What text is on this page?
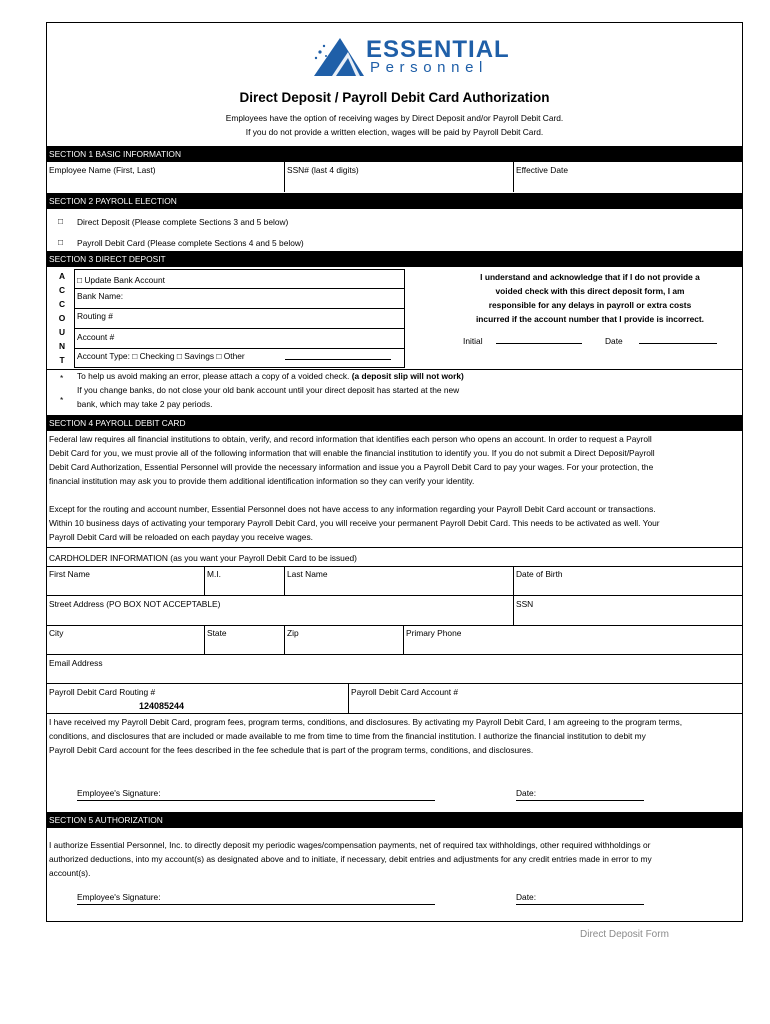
ESSENTIAL
Personnel
Direct Deposit / Payroll Debit Card Authorization
Employees have the option of receiving wages by Direct Deposit and/or Payroll Debit Card.
If you do not provide a written election, wages will be paid by Payroll Debit Card.
SECTION 1 BASIC INFORMATION
Employee Name (First, Last)	SSN# (last 4 digits)	Effective Date
SECTION 2 PAYROLL ELECTION
□ Direct Deposit (Please complete Sections 3 and 5 below)
□ Payroll Debit Card (Please complete Sections 4 and 5 below)
SECTION 3 DIRECT DEPOSIT
A
C
C
O
U
N
T
□ Update Bank Account
Bank Name:
Routing #
Account #
Account Type: □ Checking □ Savings □ Other
I understand and acknowledge that if I do not provide a
voided check with this direct deposit form, I am
responsible for any delays in payroll or extra costs
incurred if the account number that I provide is incorrect.
Initial	Date
* To help us avoid making an error, please attach a copy of a voided check. (a deposit slip will not work)
*
If you change banks, do not close your old bank account until your direct deposit has started at the new
bank, which may take 2 pay periods.
SECTION 4 PAYROLL DEBIT CARD
Federal law requires all financial institutions to obtain, verify, and record information that identifies each person who opens an account. In order to request a Payroll
Debit Card for you, we must provie all of the following information that will enable the financial institution to identify you. If you do not submit a Direct Deposit/Payroll
Debit Card Authorization, Essential Personnel will provide the necessary information and issue you a Payroll Debit Card to pay your wages. For your protection, the
financial institution may ask you to provide them additional identification information so they can verify your identity.
Except for the routing and account number, Essential Personnel does not have access to any information regarding your Payroll Debit Card account or transactions.
Within 10 business days of activating your temporary Payroll Debit Card, you will receive your permanent Payroll Debit Card. This needs to be activated as well. Your
Payroll Debit Card will be reloaded on each payday you receive wages.
CARDHOLDER INFORMATION (as you want your Payroll Debit Card to be issued)
First Name	M.I.	Last Name	Date of Birth
Street Address (PO BOX NOT ACCEPTABLE)	SSN
City	State	Zip	Primary Phone
Email Address
Payroll Debit Card Routing #
124085244
Payroll Debit Card Account #
I have received my Payroll Debit Card, program fees, program terms, conditions, and disclosures. By activating my Payroll Debit Card, I am agreeing to the program terms,
conditions, and disclosures that are included or made available to me from time to time from the financial institution. I authorize the financial institution to debit my
Payroll Debit Card account for the fees described in the fee schedule that is part of the program terms, conditions, and disclosures.
Employee's Signature:	Date:
SECTION 5 AUTHORIZATION
I authorize Essential Personnel, Inc. to directly deposit my periodic wages/compensation payments, net of required tax withholdings, other required withholdings or
authorized deductions, into my account(s) as designated above and to initiate, if necessary, debit entries and adjustments for any credit entries made in error to my
account(s).
Employee's Signature:	Date:
Direct Deposit Form
